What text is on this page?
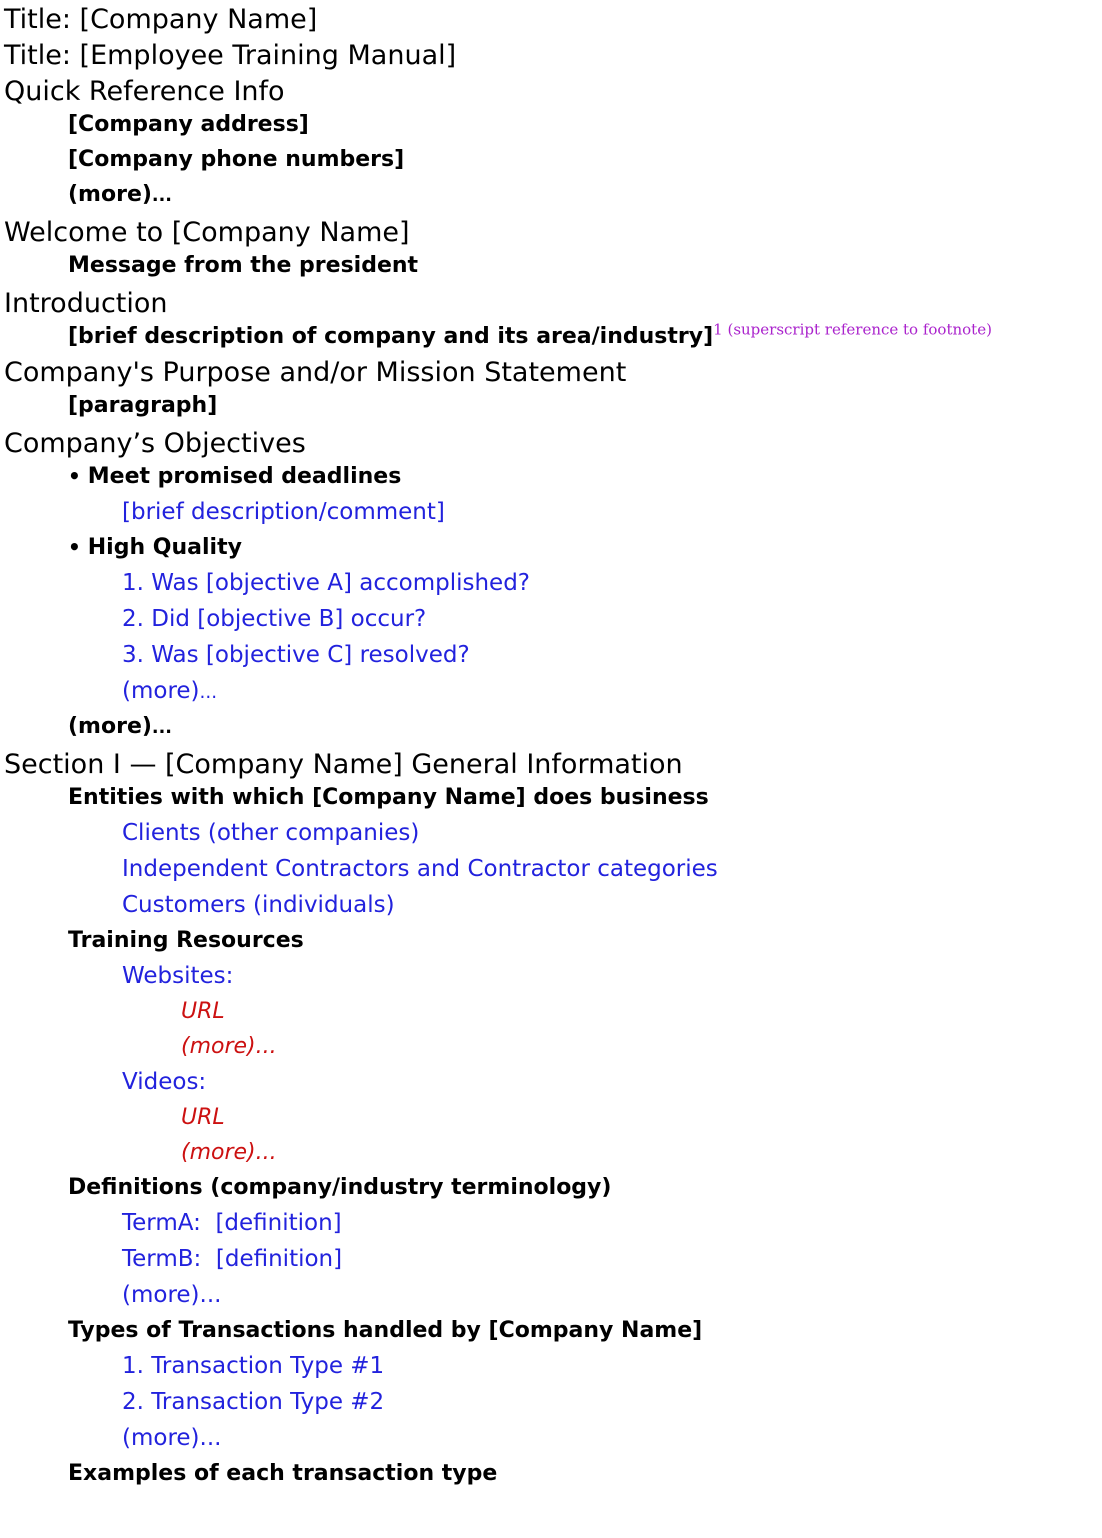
Title: [Company Name]
Title: [Employee Training Manual]
Quick Reference Info
[Company address]
[Company phone numbers]
(more)...
Welcome to [Company Name]
Message from the president
Introduction
[brief description of company and its area/industry]$^{1 (superscript reference to footnote)}$
Company's Purpose and/or Mission Statement
[paragraph]
Company’s Objectives
• Meet promised deadlines
[brief description/comment]
• High Quality
1. Was [objective A] accomplished?
2. Did [objective B] occur?
3. Was [objective C] resolved?
(more)...
(more)...
Section I — [Company Name] General Information
Entities with which [Company Name] does business
Clients (other companies)
Independent Contractors and Contractor categories
Customers (individuals)
Training Resources
Websites:
URL
(more)...
Videos:
URL
(more)...
Definitions (company/industry terminology)
TermA:  [definition]
TermB:  [definition]
(more)...
Types of Transactions handled by [Company Name]
1. Transaction Type #1
2. Transaction Type #2
(more)...
Examples of each transaction type
